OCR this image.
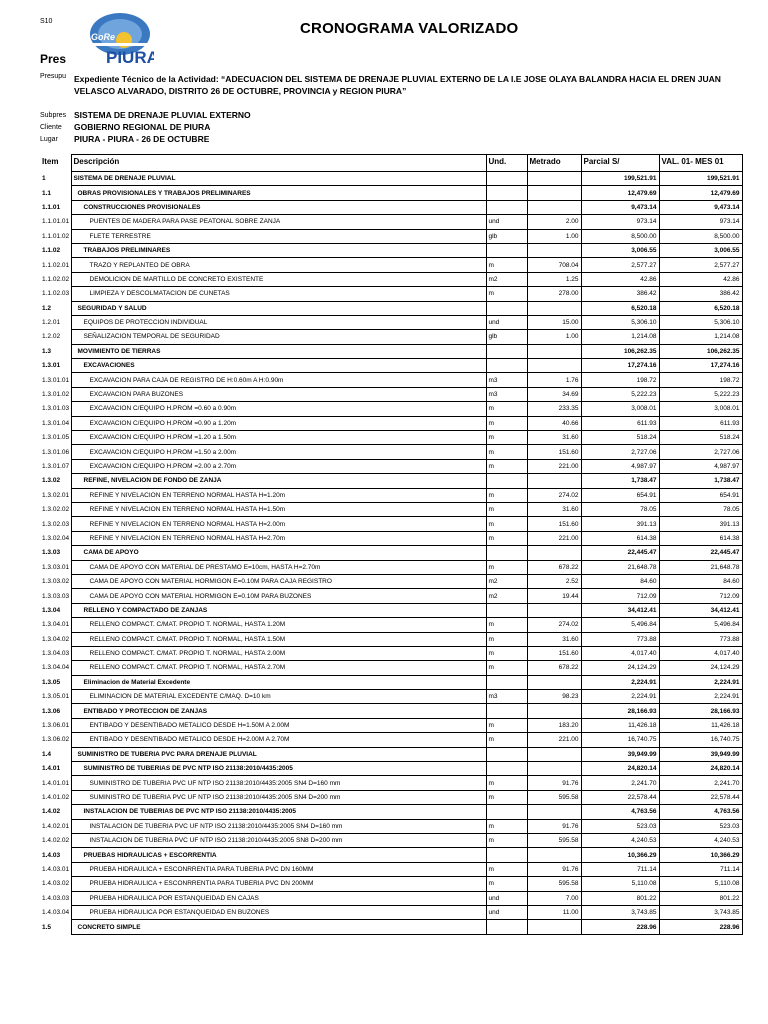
S10
GoRe
PIURA
CRONOGRAMA VALORIZADO
Pres
Presupu Expediente Técnico de la Actividad: “ADECUACION DEL SISTEMA DE DRENAJE PLUVIAL EXTERNO DE LA I.E JOSE OLAYA BALANDRA HACIA EL DREN JUAN VELASCO ALVARADO, DISTRITO 26 DE OCTUBRE, PROVINCIA y REGION PIURA”
Subpres SISTEMA DE DRENAJE PLUVIAL EXTERNO
Cliente GOBIERNO REGIONAL DE PIURA
Lugar PIURA - PIURA - 26 DE OCTUBRE
Item	Descripción	Und.	Metrado	Parcial S/	VAL. 01- MES 01
1	SISTEMA DE DRENAJE PLUVIAL			199,521.91	199,521.91
1.1	OBRAS PROVISIONALES Y TRABAJOS PRELIMINARES			12,479.69	12,479.69
1.1.01	CONSTRUCCIONES PROVISIONALES			9,473.14	9,473.14
1.1.01.01	PUENTES DE MADERA PARA PASE PEATONAL SOBRE ZANJA	und	2.00	973.14	973.14
1.1.01.02	FLETE TERRESTRE	glb	1.00	8,500.00	8,500.00
1.1.02	TRABAJOS PRELIMINARES			3,006.55	3,006.55
1.1.02.01	TRAZO Y REPLANTEO DE OBRA	m	708.04	2,577.27	2,577.27
1.1.02.02	DEMOLICION DE MARTILLO DE CONCRETO EXISTENTE	m2	1.25	42.86	42.86
1.1.02.03	LIMPIEZA Y DESCOLMATACION DE CUNETAS	m	278.00	386.42	386.42
1.2	SEGURIDAD Y SALUD			6,520.18	6,520.18
1.2.01	EQUIPOS DE PROTECCION INDIVIDUAL	und	15.00	5,306.10	5,306.10
1.2.02	SEÑALIZACION TEMPORAL DE SEGURIDAD	glb	1.00	1,214.08	1,214.08
1.3	MOVIMIENTO DE TIERRAS			106,262.35	106,262.35
1.3.01	EXCAVACIONES			17,274.16	17,274.16
1.3.01.01	EXCAVACION PARA CAJA DE REGISTRO DE H:0.60m A H:0.90m	m3	1.76	198.72	198.72
1.3.01.02	EXCAVACION PARA BUZONES	m3	34.69	5,222.23	5,222.23
1.3.01.03	EXCAVACION C/EQUIPO H.PROM =0.60 a 0.90m	m	233.35	3,008.01	3,008.01
1.3.01.04	EXCAVACION C/EQUIPO H.PROM =0.90 a 1.20m	m	40.66	611.93	611.93
1.3.01.05	EXCAVACION C/EQUIPO H.PROM =1.20 a 1.50m	m	31.60	518.24	518.24
1.3.01.06	EXCAVACION C/EQUIPO H.PROM =1.50 a 2.00m	m	151.60	2,727.06	2,727.06
1.3.01.07	EXCAVACION C/EQUIPO H.PROM =2.00 a 2.70m	m	221.00	4,987.97	4,987.97
1.3.02	REFINE, NIVELACION DE FONDO DE ZANJA			1,738.47	1,738.47
1.3.02.01	REFINE Y NIVELACION EN TERRENO NORMAL HASTA H=1.20m	m	274.02	654.91	654.91
1.3.02.02	REFINE Y NIVELACION EN TERRENO NORMAL HASTA H=1.50m	m	31.60	78.05	78.05
1.3.02.03	REFINE Y NIVELACION EN TERRENO NORMAL HASTA H=2.00m	m	151.60	391.13	391.13
1.3.02.04	REFINE Y NIVELACION EN TERRENO NORMAL HASTA H=2.70m	m	221.00	614.38	614.38
1.3.03	CAMA DE APOYO			22,445.47	22,445.47
1.3.03.01	CAMA DE APOYO CON MATERIAL DE PRESTAMO E=10cm, HASTA H=2.70m	m	678.22	21,648.78	21,648.78
1.3.03.02	CAMA DE APOYO CON MATERIAL HORMIGON E=0.10M PARA CAJA REGISTRO	m2	2.52	84.60	84.60
1.3.03.03	CAMA DE APOYO CON MATERIAL HORMIGON E=0.10M PARA BUZONES	m2	19.44	712.09	712.09
1.3.04	RELLENO Y COMPACTADO DE ZANJAS			34,412.41	34,412.41
1.3.04.01	RELLENO COMPACT. C/MAT. PROPIO T. NORMAL, HASTA 1.20M	m	274.02	5,496.84	5,496.84
1.3.04.02	RELLENO COMPACT. C/MAT. PROPIO T. NORMAL, HASTA 1.50M	m	31.60	773.88	773.88
1.3.04.03	RELLENO COMPACT. C/MAT. PROPIO T. NORMAL, HASTA 2.00M	m	151.60	4,017.40	4,017.40
1.3.04.04	RELLENO COMPACT. C/MAT. PROPIO T. NORMAL, HASTA 2.70M	m	678.22	24,124.29	24,124.29
1.3.05	Eliminacion de Material Excedente			2,224.91	2,224.91
1.3.05.01	ELIMINACION DE MATERIAL EXCEDENTE C/MAQ. D=10 km	m3	98.23	2,224.91	2,224.91
1.3.06	ENTIBADO Y PROTECCION DE ZANJAS			28,166.93	28,166.93
1.3.06.01	ENTIBADO Y DESENTIBADO METALICO DESDE H=1.50M A 2.00M	m	183.20	11,426.18	11,426.18
1.3.06.02	ENTIBADO Y DESENTIBADO METALICO DESDE H=2.00M A 2.70M	m	221.00	16,740.75	16,740.75
1.4	SUMINISTRO DE TUBERIA PVC PARA DRENAJE PLUVIAL			39,949.99	39,949.99
1.4.01	SUMINISTRO DE TUBERIAS DE PVC NTP ISO 21138:2010/4435:2005			24,820.14	24,820.14
1.4.01.01	SUMINISTRO DE TUBERIA PVC UF NTP ISO 21138:2010/4435:2005 SN4 D=160 mm	m	91.76	2,241.70	2,241.70
1.4.01.02	SUMINISTRO DE TUBERIA PVC UF NTP ISO 21138:2010/4435:2005 SN4 D=200 mm	m	595.58	22,578.44	22,578.44
1.4.02	INSTALACION DE TUBERIAS DE PVC NTP ISO 21138:2010/4435:2005			4,763.56	4,763.56
1.4.02.01	INSTALACION DE TUBERIA PVC UF NTP ISO 21138:2010/4435:2005 SN4 D=160 mm	m	91.76	523.03	523.03
1.4.02.02	INSTALACION DE TUBERIA PVC UF NTP ISO 21138:2010/4435:2005 SN8 D=200 mm	m	595.58	4,240.53	4,240.53
1.4.03	PRUEBAS HIDRAULICAS + ESCORRENTIA			10,366.29	10,366.29
1.4.03.01	PRUEBA HIDRAULICA + ESCONRRENTIA PARA TUBERIA PVC DN 160MM	m	91.76	711.14	711.14
1.4.03.02	PRUEBA HIDRAULICA + ESCONRRENTIA PARA TUBERIA PVC DN 200MM	m	595.58	5,110.08	5,110.08
1.4.03.03	PRUEBA HIDRAULICA POR ESTANQUEIDAD EN CAJAS	und	7.00	801.22	801.22
1.4.03.04	PRUEBA HIDRAULICA POR ESTANQUEIDAD EN BUZONES	und	11.00	3,743.85	3,743.85
1.5	CONCRETO SIMPLE			228.96	228.96
